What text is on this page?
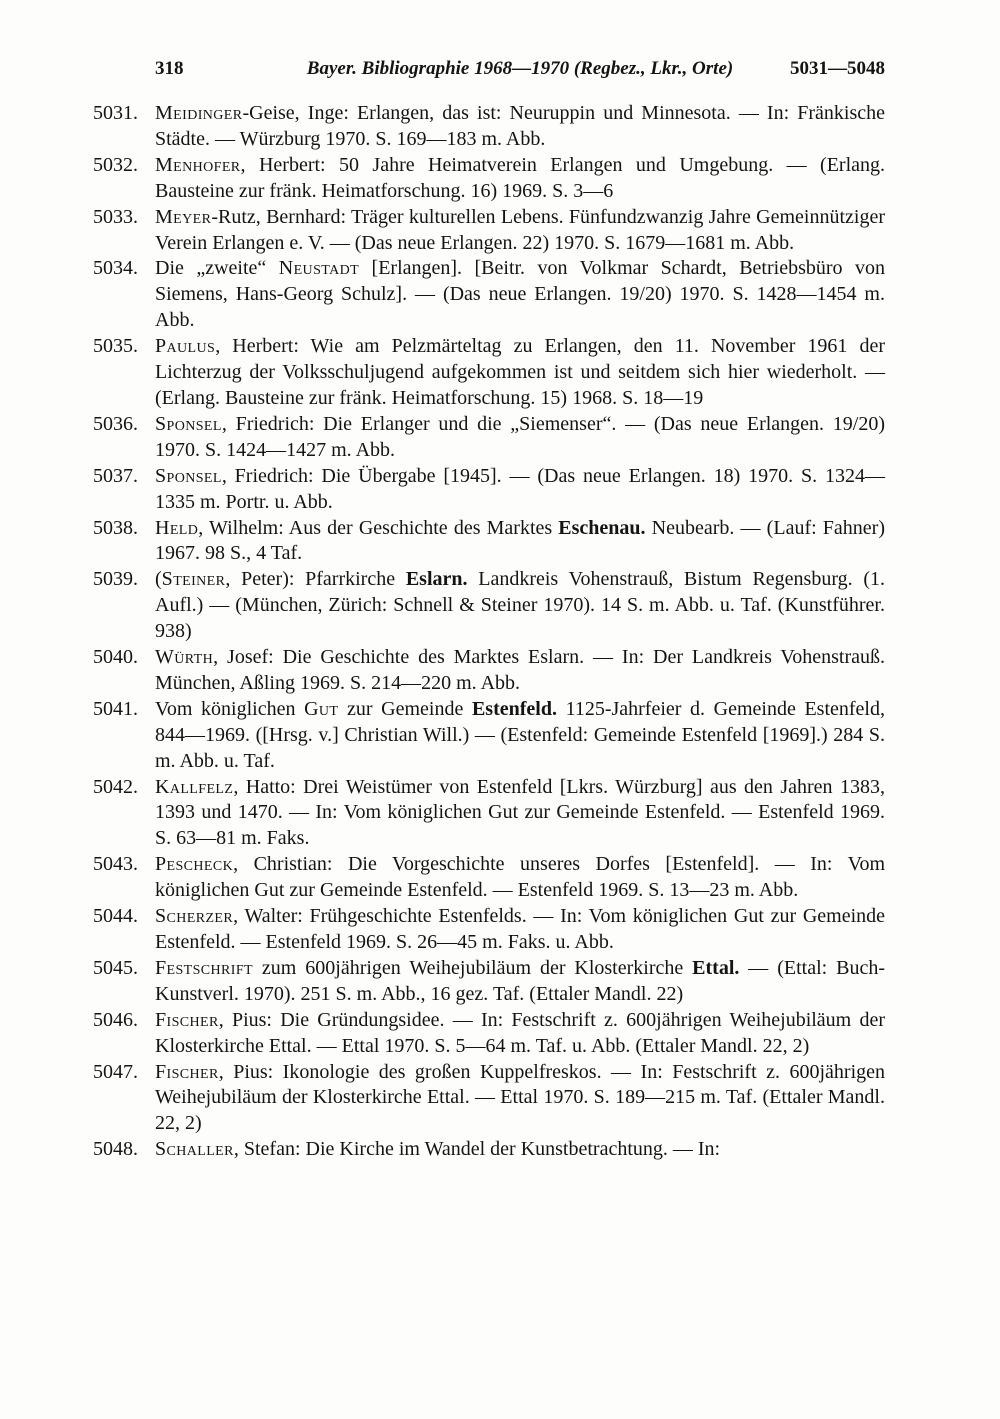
318	Bayer. Bibliographie 1968—1970 (Regbez., Lkr., Orte)	5031—5048

5031. Meidinger-Geise, Inge: Erlangen, das ist: Neuruppin und Minnesota. — In: Fränkische Städte. — Würzburg 1970. S. 169—183 m. Abb.

5032. Menhofer, Herbert: 50 Jahre Heimatverein Erlangen und Umgebung. — (Erlang. Bausteine zur fränk. Heimatforschung. 16) 1969. S. 3—6

5033. Meyer-Rutz, Bernhard: Träger kulturellen Lebens. Fünfundzwanzig Jahre Gemeinnütziger Verein Erlangen e. V. — (Das neue Erlangen. 22) 1970. S. 1679—1681 m. Abb.

5034. Die „zweite“ Neustadt [Erlangen]. [Beitr. von Volkmar Schardt, Betriebsbüro von Siemens, Hans-Georg Schulz]. — (Das neue Erlangen. 19/20) 1970. S. 1428—1454 m. Abb.

5035. Paulus, Herbert: Wie am Pelzmärteltag zu Erlangen, den 11. November 1961 der Lichterzug der Volksschuljugend aufgekommen ist und seitdem sich hier wiederholt. — (Erlang. Bausteine zur fränk. Heimatforschung. 15) 1968. S. 18—19

5036. Sponsel, Friedrich: Die Erlanger und die „Siemenser“. — (Das neue Erlangen. 19/20) 1970. S. 1424—1427 m. Abb.

5037. Sponsel, Friedrich: Die Übergabe [1945]. — (Das neue Erlangen. 18) 1970. S. 1324—1335 m. Portr. u. Abb.

5038. Held, Wilhelm: Aus der Geschichte des Marktes Eschenau. Neubearb. — (Lauf: Fahner) 1967. 98 S., 4 Taf.

5039. (Steiner, Peter): Pfarrkirche Eslarn. Landkreis Vohenstrauß, Bistum Regensburg. (1. Aufl.) — (München, Zürich: Schnell & Steiner 1970). 14 S. m. Abb. u. Taf. (Kunstführer. 938)

5040. Würth, Josef: Die Geschichte des Marktes Eslarn. — In: Der Landkreis Vohenstrauß. München, Aßling 1969. S. 214—220 m. Abb.

5041. Vom königlichen Gut zur Gemeinde Estenfeld. 1125-Jahrfeier d. Gemeinde Estenfeld, 844—1969. ([Hrsg. v.] Christian Will.) — (Estenfeld: Gemeinde Estenfeld [1969].) 284 S. m. Abb. u. Taf.

5042. Kallfelz, Hatto: Drei Weistümer von Estenfeld [Lkrs. Würzburg] aus den Jahren 1383, 1393 und 1470. — In: Vom königlichen Gut zur Gemeinde Estenfeld. — Estenfeld 1969. S. 63—81 m. Faks.

5043. Pescheck, Christian: Die Vorgeschichte unseres Dorfes [Estenfeld]. — In: Vom königlichen Gut zur Gemeinde Estenfeld. — Estenfeld 1969. S. 13—23 m. Abb.

5044. Scherzer, Walter: Frühgeschichte Estenfelds. — In: Vom königlichen Gut zur Gemeinde Estenfeld. — Estenfeld 1969. S. 26—45 m. Faks. u. Abb.

5045. Festschrift zum 600jährigen Weihejubiläum der Klosterkirche Ettal. — (Ettal: Buch-Kunstverl. 1970). 251 S. m. Abb., 16 gez. Taf. (Ettaler Mandl. 22)

5046. Fischer, Pius: Die Gründungsidee. — In: Festschrift z. 600jährigen Weihejubiläum der Klosterkirche Ettal. — Ettal 1970. S. 5—64 m. Taf. u. Abb. (Ettaler Mandl. 22, 2)

5047. Fischer, Pius: Ikonologie des großen Kuppelfreskos. — In: Festschrift z. 600jährigen Weihejubiläum der Klosterkirche Ettal. — Ettal 1970. S. 189—215 m. Taf. (Ettaler Mandl. 22, 2)

5048. Schaller, Stefan: Die Kirche im Wandel der Kunstbetrachtung. — In:
